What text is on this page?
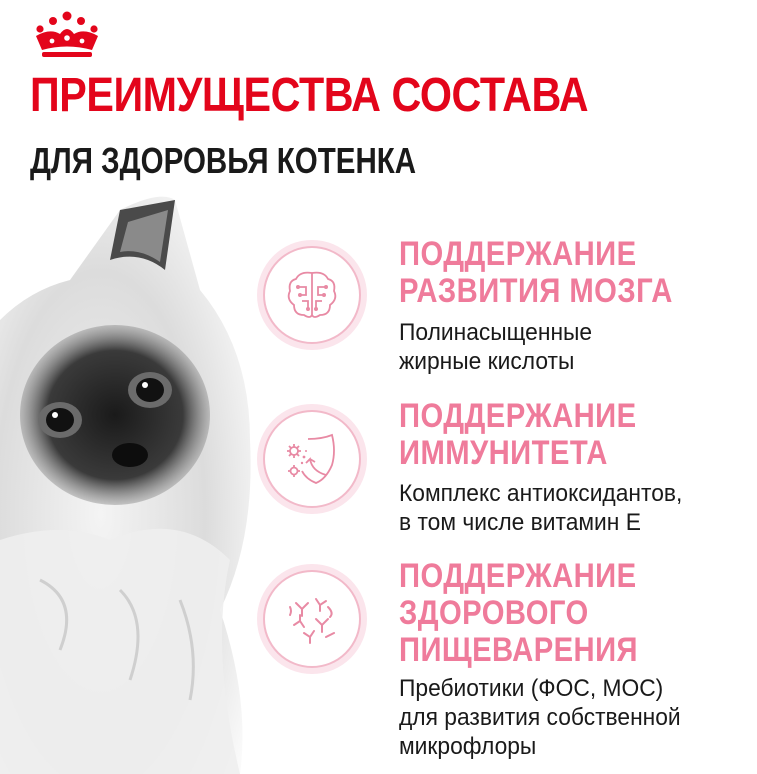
ПРЕИМУЩЕСТВА СОСТАВА
ДЛЯ ЗДОРОВЬЯ КОТЕНКА
ПОДДЕРЖАНИЕ
РАЗВИТИЯ МОЗГА
Полинасыщенные
жирные кислоты
ПОДДЕРЖАНИЕ
ИММУНИТЕТА
Комплекс антиоксидантов,
в том числе витамин Е
ПОДДЕРЖАНИЕ
ЗДОРОВОГО
ПИЩЕВАРЕНИЯ
Пребиотики (ФОС, МОС)
для развития собственной
микрофлоры
